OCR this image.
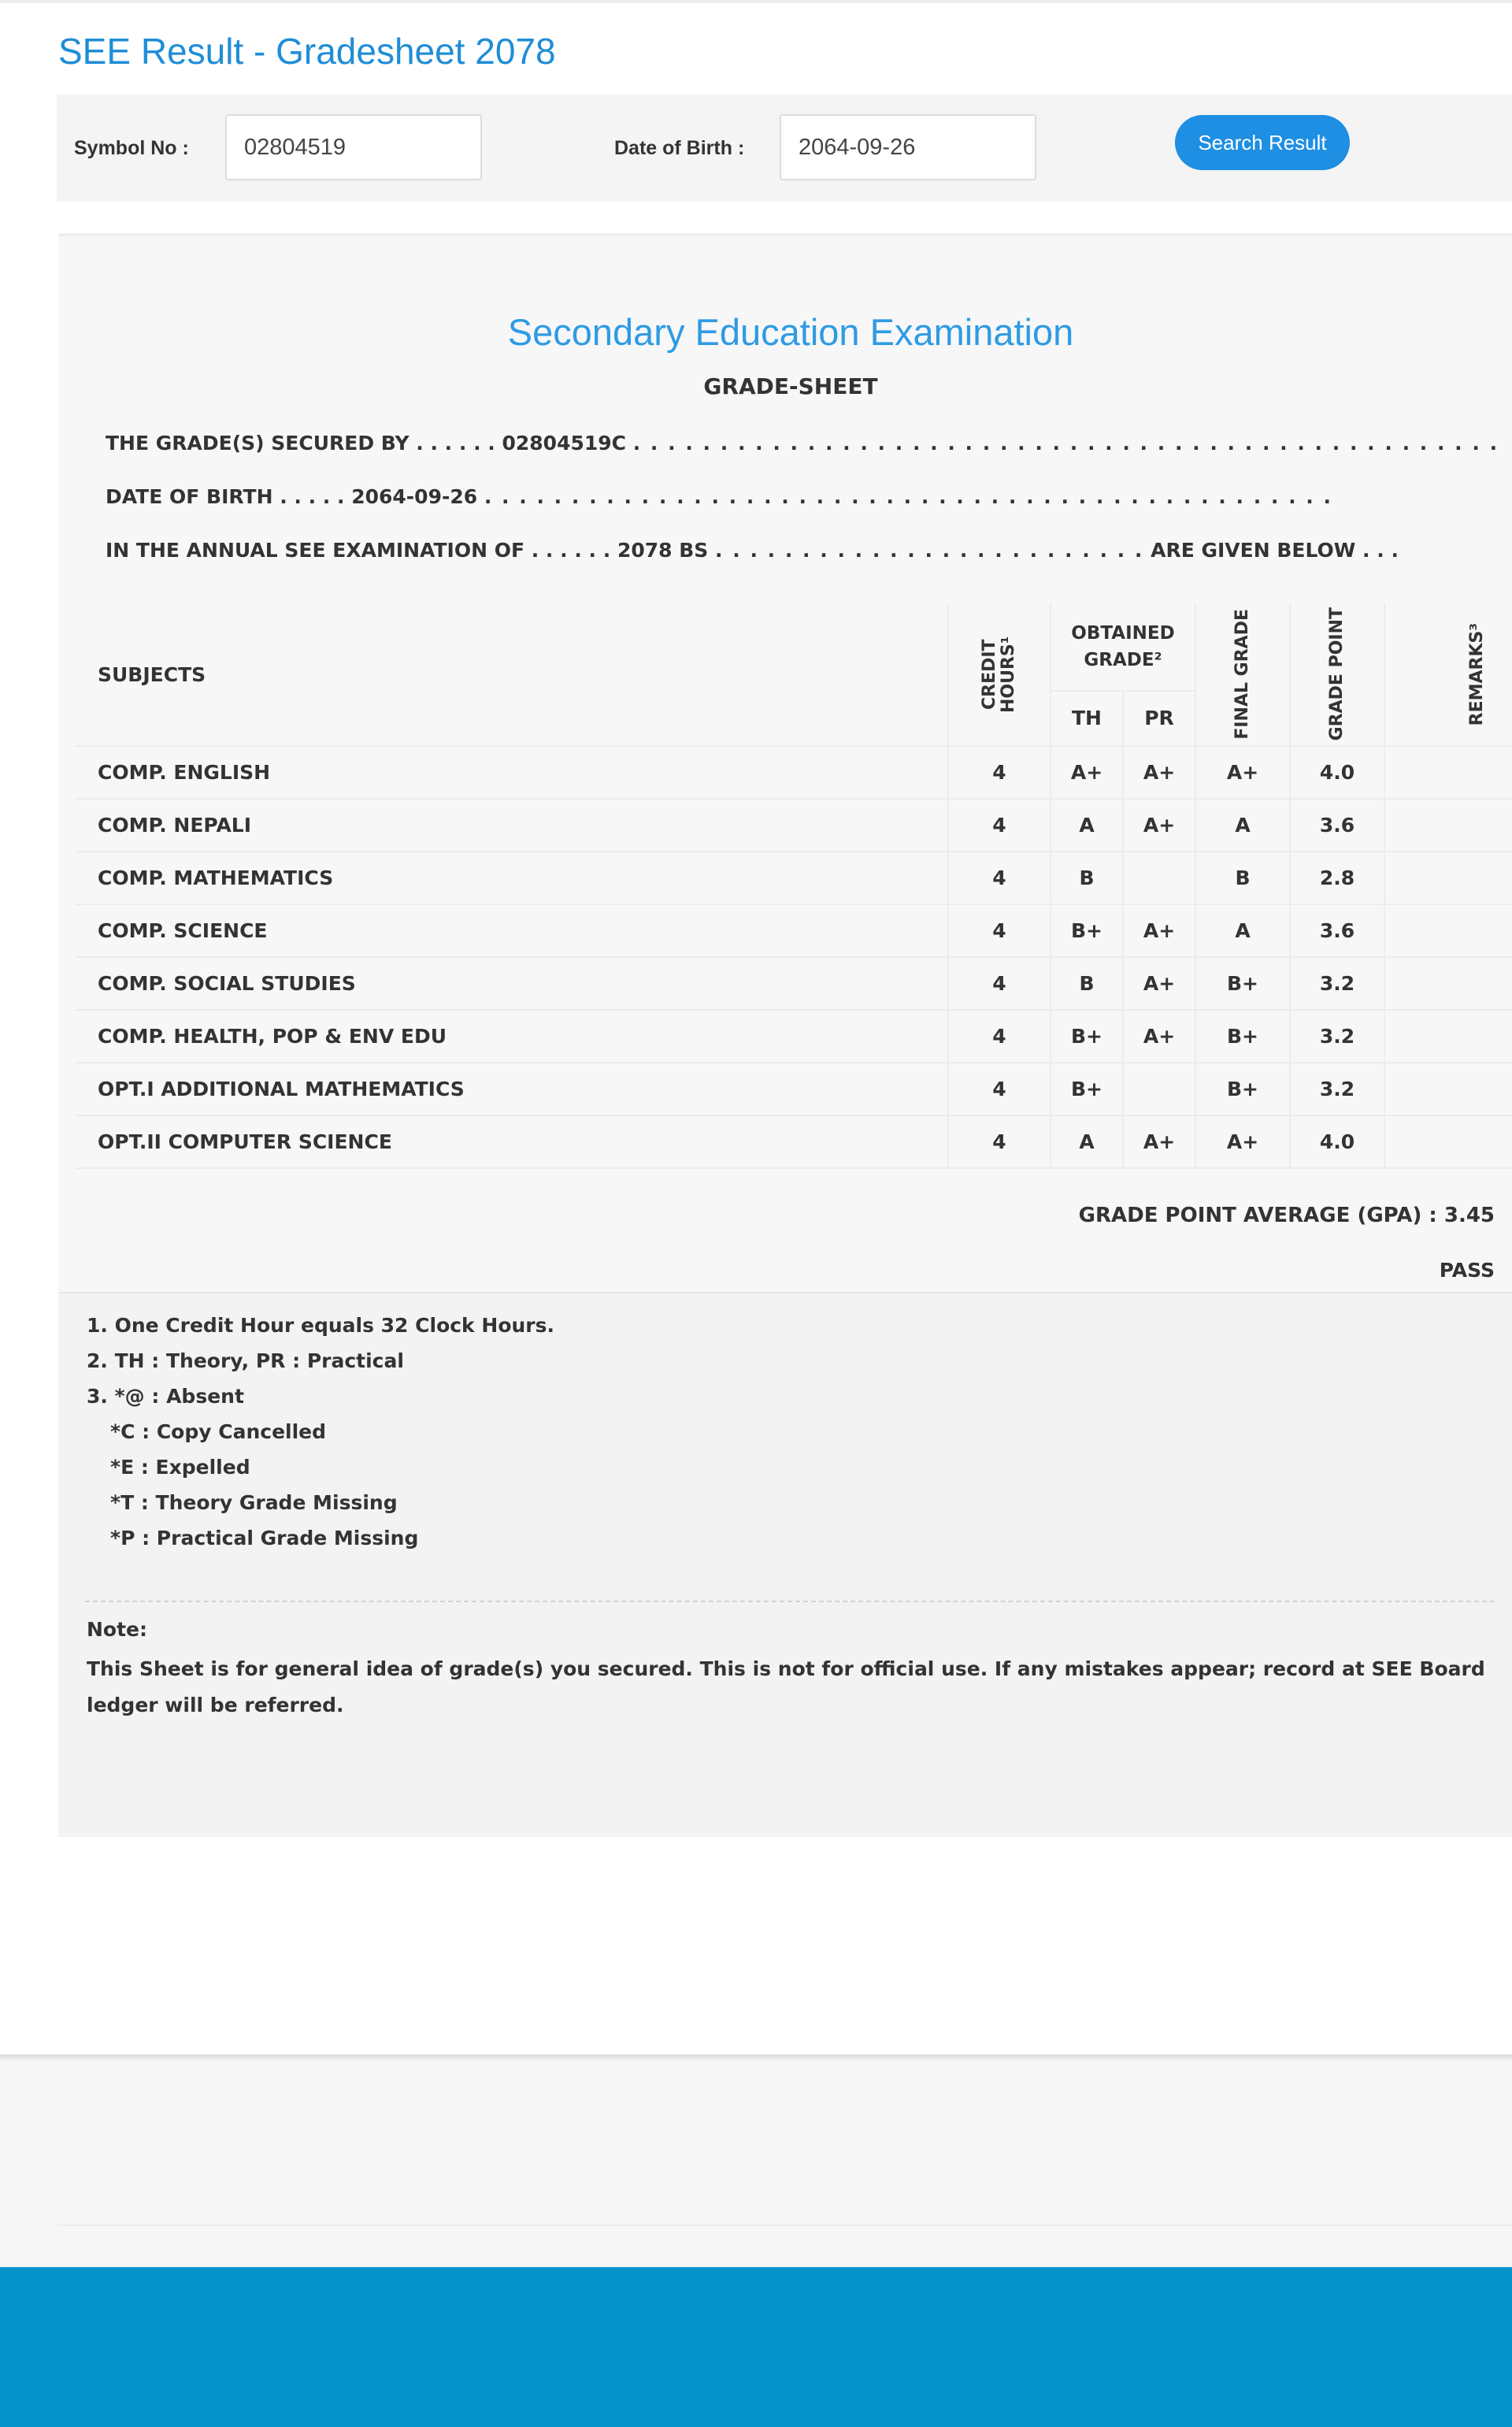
SEE Result - Gradesheet 2078
Symbol No :
02804519	Date of Birth :
2064-09-26	Search Result
Secondary Education Examination
GRADE-SHEET
THE GRADE(S) SECURED BY . . . . . . 02804519C . . . . . . . . . . . . . . . . . . . . . . . . . . . . . . . . . . . . . . . . . . . . . . . . . .
DATE OF BIRTH . . . . . 2064-09-26 . . . . . . . . . . . . . . . . . . . . . . . . . . . . . . . . . . . . . . . . . . . . . . . . .
IN THE ANNUAL SEE EXAMINATION OF . . . . . . 2078 BS . . . . . . . . . . . . . . . . . . . . . . . . . ARE GIVEN BELOW . . .
SUBJECTS	CREDIT HOURS¹	OBTAINED GRADE²		FINAL GRADE	GRADE POINT	REMARKS³

		TH	PR			
COMP. ENGLISH	4	A+	A+	A+	4.0	
COMP. NEPALI	4	A	A+	A	3.6	
COMP. MATHEMATICS	4	B		B	2.8	
COMP. SCIENCE	4	B+	A+	A	3.6	
COMP. SOCIAL STUDIES	4	B	A+	B+	3.2	
COMP. HEALTH, POP & ENV EDU	4	B+	A+	B+	3.2	
OPT.I ADDITIONAL MATHEMATICS	4	B+		B+	3.2	
OPT.II COMPUTER SCIENCE	4	A	A+	A+	4.0	
GRADE POINT AVERAGE (GPA) : 3.45
PASS
1. One Credit Hour equals 32 Clock Hours.
2. TH : Theory, PR : Practical
3. *@ : Absent
*C : Copy Cancelled
*E : Expelled
*T : Theory Grade Missing
*P : Practical Grade Missing
Note:
This Sheet is for general idea of grade(s) you secured. This is not for official use. If any mistakes appear; record at SEE Board ledger will be referred.
